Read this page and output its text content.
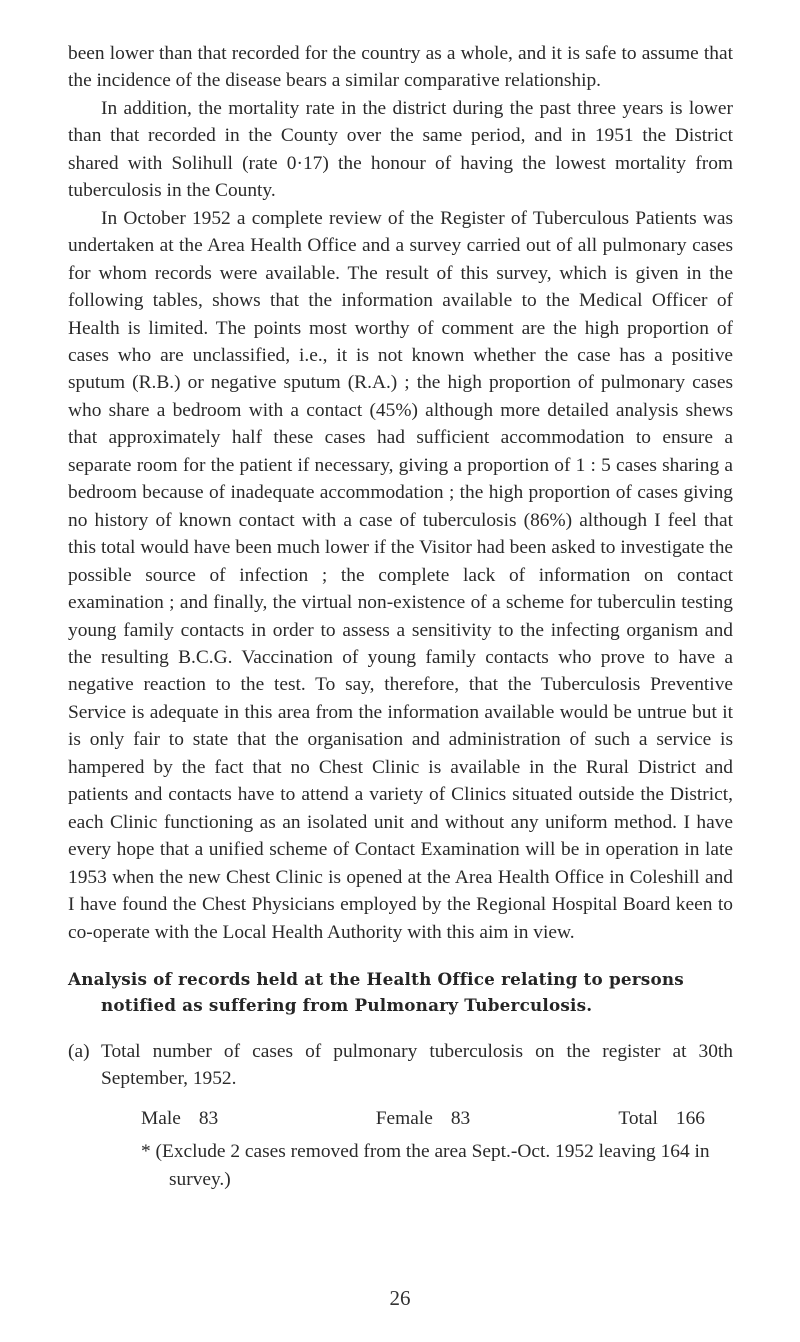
been lower than that recorded for the country as a whole, and it is safe to assume that the incidence of the disease bears a similar comparative relationship.

In addition, the mortality rate in the district during the past three years is lower than that recorded in the County over the same period, and in 1951 the District shared with Solihull (rate 0·17) the honour of having the lowest mortality from tuberculosis in the County.

In October 1952 a complete review of the Register of Tuberculous Patients was undertaken at the Area Health Office and a survey carried out of all pulmonary cases for whom records were available. The result of this survey, which is given in the following tables, shows that the information available to the Medical Officer of Health is limited. The points most worthy of comment are the high proportion of cases who are unclassified, i.e., it is not known whether the case has a positive sputum (R.B.) or negative sputum (R.A.) ; the high proportion of pulmonary cases who share a bedroom with a contact (45%) although more detailed analysis shews that approximately half these cases had sufficient accommodation to ensure a separate room for the patient if necessary, giving a proportion of 1 : 5 cases sharing a bedroom because of inadequate accommodation ; the high proportion of cases giving no history of known contact with a case of tuberculosis (86%) although I feel that this total would have been much lower if the Visitor had been asked to investigate the possible source of infection ; the complete lack of information on contact examination ; and finally, the virtual non-existence of a scheme for tuberculin testing young family contacts in order to assess a sensitivity to the infecting organism and the resulting B.C.G. Vaccination of young family contacts who prove to have a negative reaction to the test. To say, therefore, that the Tuberculosis Preventive Service is adequate in this area from the information available would be untrue but it is only fair to state that the organisation and administration of such a service is hampered by the fact that no Chest Clinic is available in the Rural District and patients and contacts have to attend a variety of Clinics situated outside the District, each Clinic functioning as an isolated unit and without any uniform method. I have every hope that a unified scheme of Contact Examination will be in operation in late 1953 when the new Chest Clinic is opened at the Area Health Office in Coleshill and I have found the Chest Physicians employed by the Regional Hospital Board keen to co-operate with the Local Health Authority with this aim in view.

Analysis of records held at the Health Office relating to persons notified as suffering from Pulmonary Tuberculosis.

(a) Total number of cases of pulmonary tuberculosis on the register at 30th September, 1952.
Male 83	Female 83	Total 166

* (Exclude 2 cases removed from the area Sept.-Oct. 1952 leaving 164 in survey.)

26
